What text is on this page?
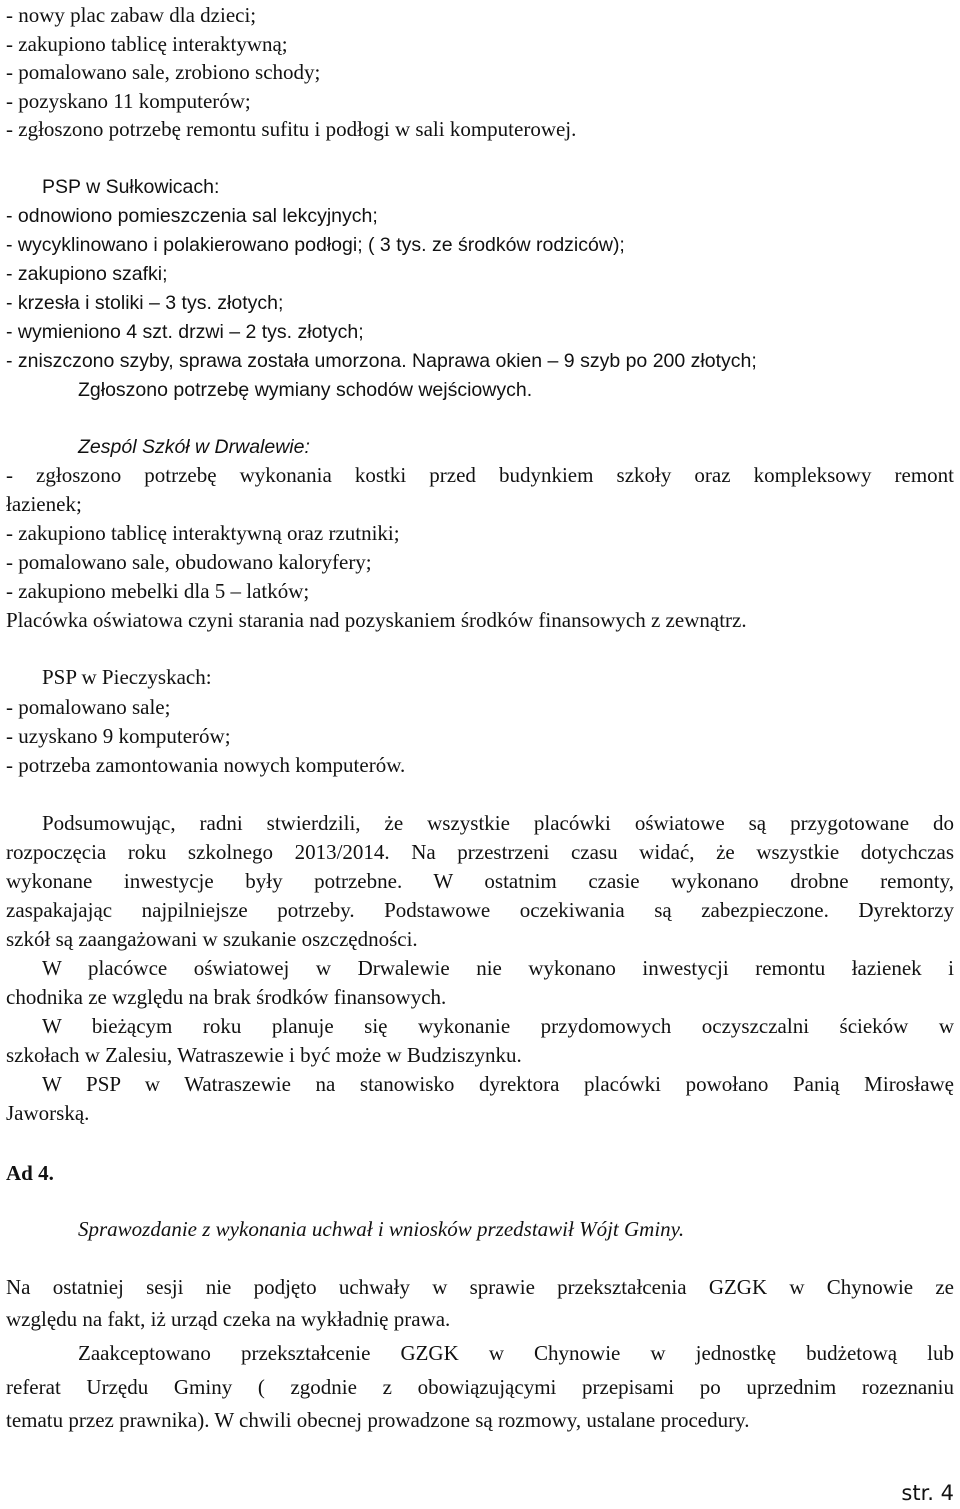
- nowy plac zabaw dla dzieci;
- zakupiono tablicę interaktywną;
- pomalowano sale, zrobiono schody;
- pozyskano 11 komputerów;
- zgłoszono potrzebę remontu sufitu i podłogi w sali komputerowej.
PSP w Sułkowicach:
- odnowiono pomieszczenia sal lekcyjnych;
- wycyklinowano i polakierowano podłogi; ( 3 tys. ze środków rodziców);
- zakupiono szafki;
- krzesła i stoliki – 3 tys. złotych;
- wymieniono 4 szt. drzwi – 2 tys. złotych;
- zniszczono szyby, sprawa została umorzona. Naprawa okien – 9 szyb po 200 złotych;
Zgłoszono potrzebę wymiany schodów wejściowych.
Zespól Szkół w Drwalewie:
- zgłoszono potrzebę wykonania kostki przed budynkiem szkoły oraz kompleksowy remont
łazienek;
- zakupiono tablicę interaktywną oraz rzutniki;
- pomalowano sale, obudowano kaloryfery;
- zakupiono mebelki dla 5 – latków;
Placówka oświatowa czyni starania nad pozyskaniem środków finansowych z zewnątrz.
PSP w Pieczyskach:
- pomalowano sale;
- uzyskano 9 komputerów;
- potrzeba zamontowania nowych komputerów.
Podsumowując, radni stwierdzili, że wszystkie placówki oświatowe są przygotowane do
rozpoczęcia roku szkolnego 2013/2014. Na przestrzeni czasu widać, że wszystkie dotychczas
wykonane inwestycje były potrzebne. W ostatnim czasie wykonano drobne remonty,
zaspakajając najpilniejsze potrzeby. Podstawowe oczekiwania są zabezpieczone. Dyrektorzy
szkół są zaangażowani w szukanie oszczędności.
W placówce oświatowej w Drwalewie nie wykonano inwestycji remontu łazienek i
chodnika ze względu na brak środków finansowych.
W bieżącym roku planuje się wykonanie przydomowych oczyszczalni ścieków w
szkołach w Zalesiu, Watraszewie i być może w Budziszynku.
W PSP w Watraszewie na stanowisko dyrektora placówki powołano Panią Mirosławę
Jaworską.
Ad 4.
Sprawozdanie z wykonania uchwał i wniosków przedstawił Wójt Gminy.
Na ostatniej sesji nie podjęto uchwały w sprawie przekształcenia GZGK w Chynowie ze
względu na fakt, iż urząd czeka na wykładnię prawa.
Zaakceptowano przekształcenie GZGK w Chynowie w jednostkę budżetową lub
referat Urzędu Gminy ( zgodnie z obowiązującymi przepisami po uprzednim rozeznaniu
tematu przez prawnika). W chwili obecnej prowadzone są rozmowy, ustalane procedury.
str. 4
